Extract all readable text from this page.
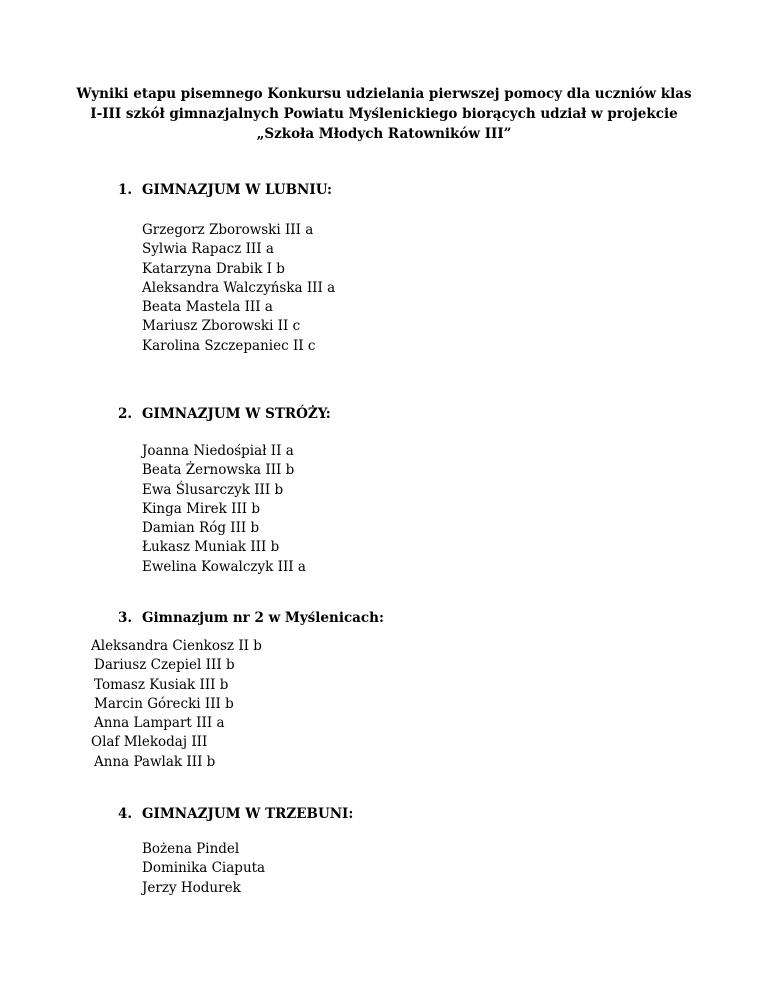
Wyniki etapu pisemnego Konkursu udzielania pierwszej pomocy dla uczniów klas
I-III szkół gimnazjalnych Powiatu Myślenickiego biorących udział w projekcie
„Szkoła Młodych Ratowników III”
1. GIMNAZJUM W LUBNIU:
Grzegorz Zborowski III a
Sylwia Rapacz III a
Katarzyna Drabik I b
Aleksandra Walczyńska III a
Beata Mastela III a
Mariusz Zborowski II c
Karolina Szczepaniec II c
2. GIMNAZJUM W STRÓŻY:
Joanna Niedośpiał II a
Beata Żernowska III b
Ewa Ślusarczyk III b
Kinga Mirek III b
Damian Róg III b
Łukasz Muniak III b
Ewelina Kowalczyk III a
3. Gimnazjum nr 2 w Myślenicach:
Aleksandra Cienkosz II b
Dariusz Czepiel III b
Tomasz Kusiak III b
Marcin Górecki III b
Anna Lampart III a
Olaf Mlekodaj III
Anna Pawlak III b
4. GIMNAZJUM W TRZEBUNI:
Bożena Pindel
Dominika Ciaputa
Jerzy Hodurek
